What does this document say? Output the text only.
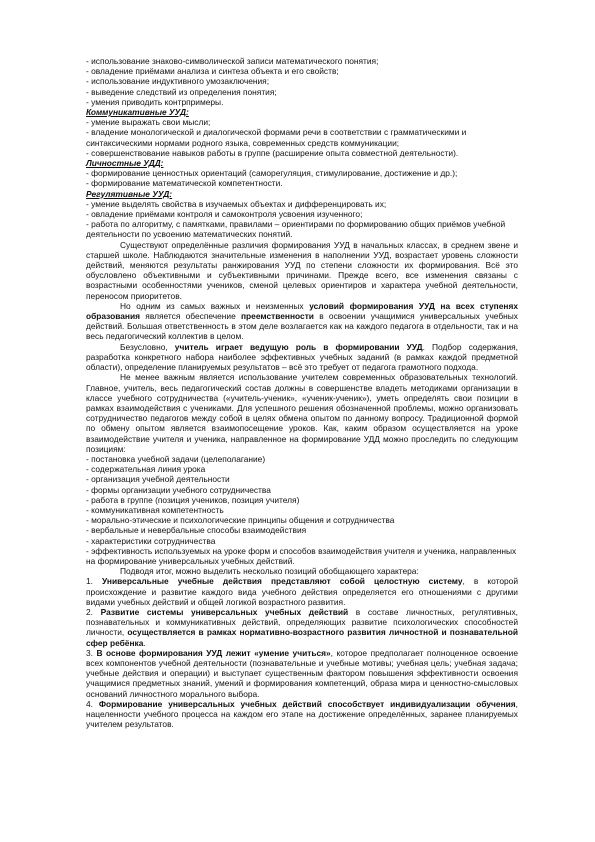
- использование знаково-символической записи математического понятия;

- овладение приёмами анализа и синтеза объекта и его свойств;

- использование индуктивного умозаключения;

- выведение следствий из определения понятия;

- умения приводить контрпримеры.

Коммуникативные УУД:

- умение выражать свои мысли;

- владение монологической и диалогической формами речи в соответствии с грамматическими и синтаксическими нормами родного языка, современных средств коммуникации;

- совершенствование навыков работы в группе (расширение опыта совместной деятельности).

Личностные УДД:

- формирование ценностных ориентаций (саморегуляция, стимулирование, достижение и др.);

- формирование математической компетентности.

Регулятивные УУД:

- умение выделять свойства в изучаемых объектах и дифференцировать их;

- овладение приёмами контроля и самоконтроля усвоения изученного;

- работа по алгоритму, с памятками, правилами – ориентирами по формированию общих приёмов учебной деятельности по усвоению математических понятий.

Существуют определённые различия формирования УУД в начальных классах, в среднем звене и старшей школе. Наблюдаются значительные изменения в наполнении УУД, возрастает уровень сложности действий, меняются результаты ранжирования УУД по степени сложности их формирования. Всё это обусловлено объективными и субъективными причинами. Прежде всего, все изменения связаны с возрастными особенностями учеников, сменой целевых ориентиров и характера учебной деятельности, переносом приоритетов.

Но одним из самых важных и неизменных условий формирования УУД на всех ступенях образования является обеспечение преемственности в освоении учащимися универсальных учебных действий. Большая ответственность в этом деле возлагается как на каждого педагога в отдельности, так и на весь педагогический коллектив в целом.

Безусловно, учитель играет ведущую роль в формировании УУД. Подбор содержания, разработка конкретного набора наиболее эффективных учебных заданий (в рамках каждой предметной области), определение планируемых результатов – всё это требует от педагога грамотного подхода.

Не менее важным является использование учителем современных образовательных технологий. Главное, учитель, весь педагогический состав должны в совершенстве владеть методиками организации в классе учебного сотрудничества («учитель-ученик», «ученик-ученик»), уметь определять свои позиции в рамках взаимодействия с учениками. Для успешного решения обозначенной проблемы, можно организовать сотрудничество педагогов между собой в целях обмена опытом по данному вопросу. Традиционной формой по обмену опытом является взаимопосещение уроков. Как, каким образом осуществляется на уроке взаимодействие учителя и ученика, направленное на формирование УДД можно проследить по следующим позициям:

- постановка учебной задачи (целеполагание)

- содержательная линия урока

- организация учебной деятельности

- формы организации учебного сотрудничества

- работа в группе (позиция учеников, позиция учителя)

- коммуникативная компетентность

- морально-этические и психологические принципы общения и сотрудничества

- вербальные и невербальные способы взаимодействия

- характеристики сотрудничества

- эффективность используемых на уроке форм и способов взаимодействия учителя и ученика, направленных на формирование универсальных учебных действий.

Подводя итог, можно выделить несколько позиций обобщающего характера:

1. Универсальные учебные действия представляют собой целостную систему, в которой происхождение и развитие каждого вида учебного действия определяется его отношениями с другими видами учебных действий и общей логикой возрастного развития.

2. Развитие системы универсальных учебных действий в составе личностных, регулятивных, познавательных и коммуникативных действий, определяющих развитие психологических способностей личности, осуществляется в рамках нормативно-возрастного развития личностной и познавательной сфер ребёнка.

3. В основе формирования УУД лежит «умение учиться», которое предполагает полноценное освоение всех компонентов учебной деятельности (познавательные и учебные мотивы; учебная цель; учебная задача; учебные действия и операции) и выступает существенным фактором повышения эффективности освоения учащимися предметных знаний, умений и формирования компетенций, образа мира и ценностно-смысловых оснований личностного морального выбора.

4. Формирование универсальных учебных действий способствует индивидуализации обучения, нацеленности учебного процесса на каждом его этапе на достижение определённых, заранее планируемых учителем результатов.
